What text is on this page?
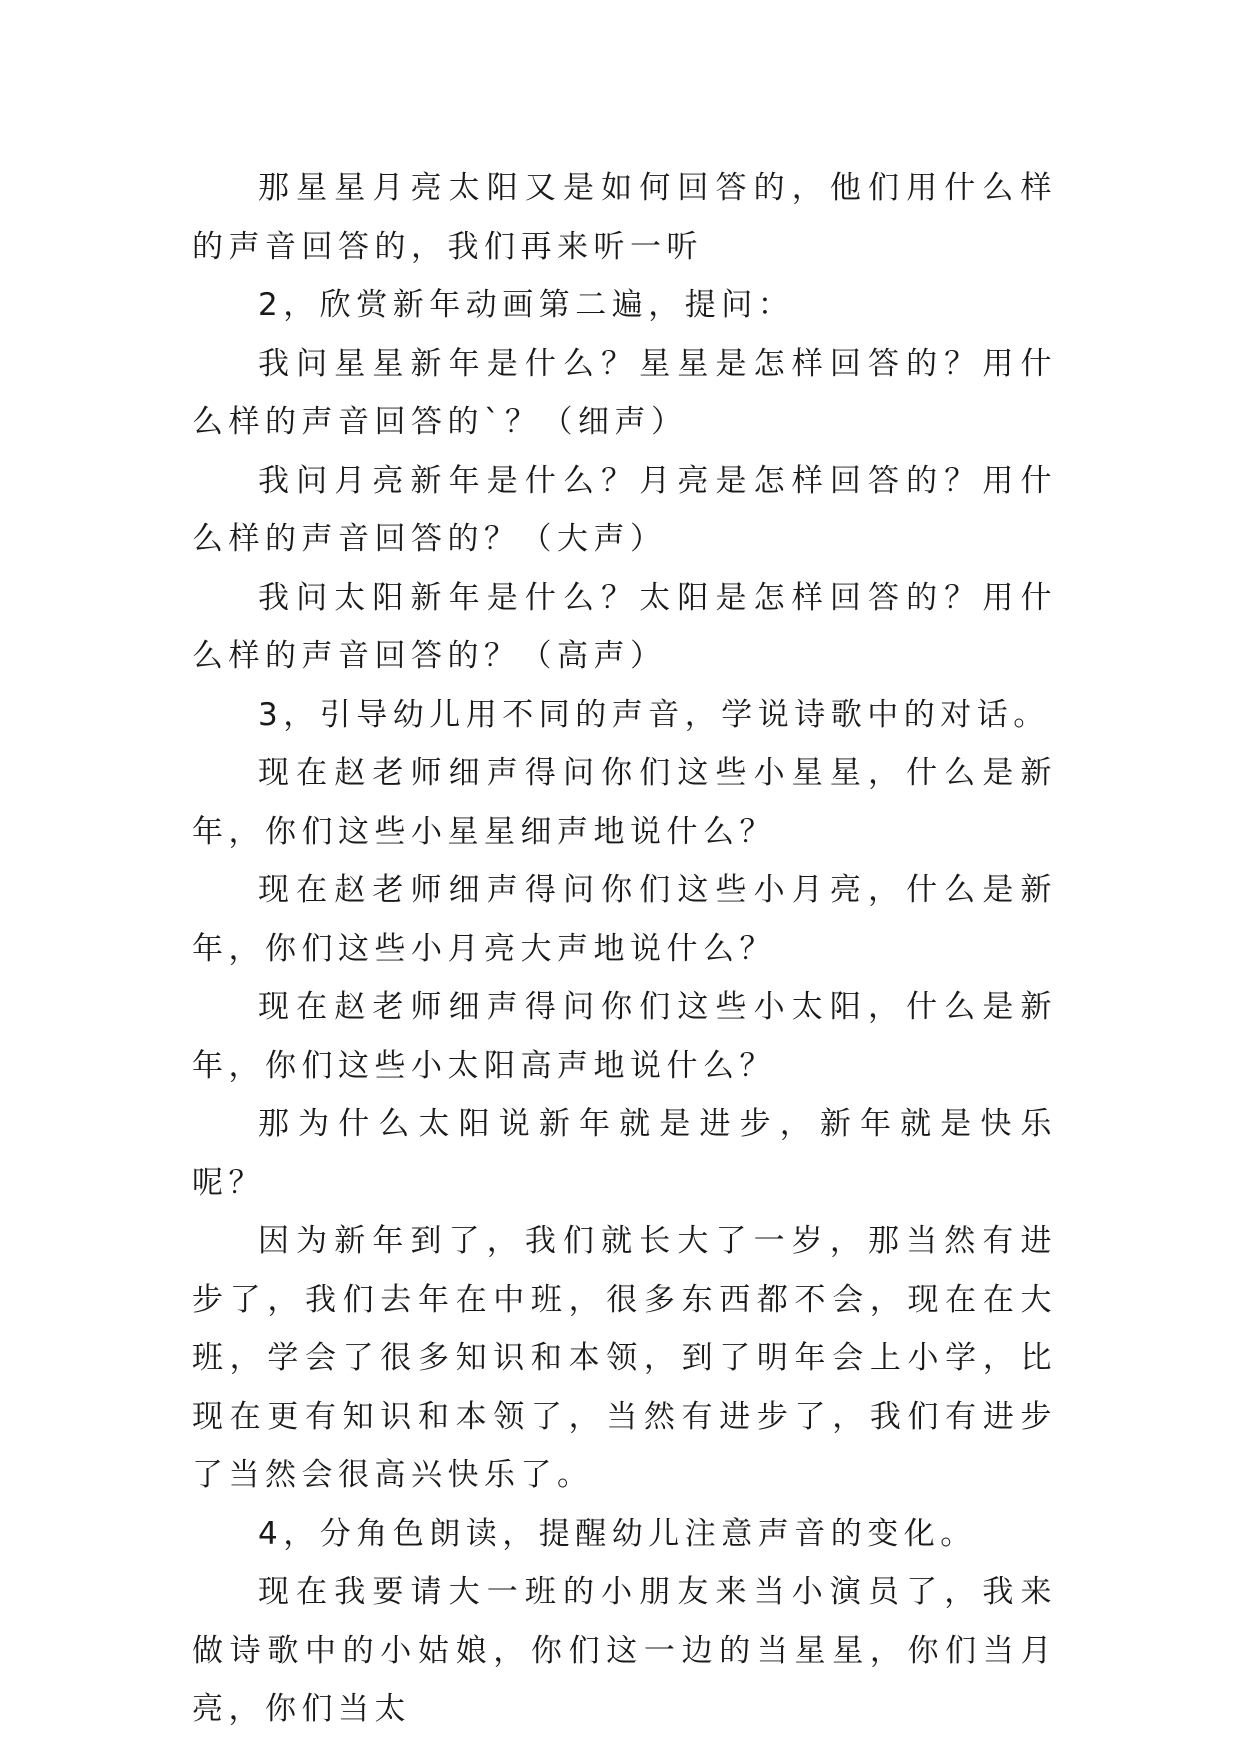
那星星月亮太阳又是如何回答的，他们用什么样的声音回答的，我们再来听一听

2，欣赏新年动画第二遍，提问：

我问星星新年是什么？星星是怎样回答的？用什么样的声音回答的`？（细声）

我问月亮新年是什么？月亮是怎样回答的？用什么样的声音回答的？（大声）

我问太阳新年是什么？太阳是怎样回答的？用什么样的声音回答的？（高声）

3，引导幼儿用不同的声音，学说诗歌中的对话。

现在赵老师细声得问你们这些小星星，什么是新年，你们这些小星星细声地说什么？

现在赵老师细声得问你们这些小月亮，什么是新年，你们这些小月亮大声地说什么？

现在赵老师细声得问你们这些小太阳，什么是新年，你们这些小太阳高声地说什么？

那为什么太阳说新年就是进步，新年就是快乐呢？

因为新年到了，我们就长大了一岁，那当然有进步了，我们去年在中班，很多东西都不会，现在在大班，学会了很多知识和本领，到了明年会上小学，比现在更有知识和本领了，当然有进步了，我们有进步了当然会很高兴快乐了。

4，分角色朗读，提醒幼儿注意声音的变化。

现在我要请大一班的小朋友来当小演员了，我来做诗歌中的小姑娘，你们这一边的当星星，你们当月亮，你们当太
